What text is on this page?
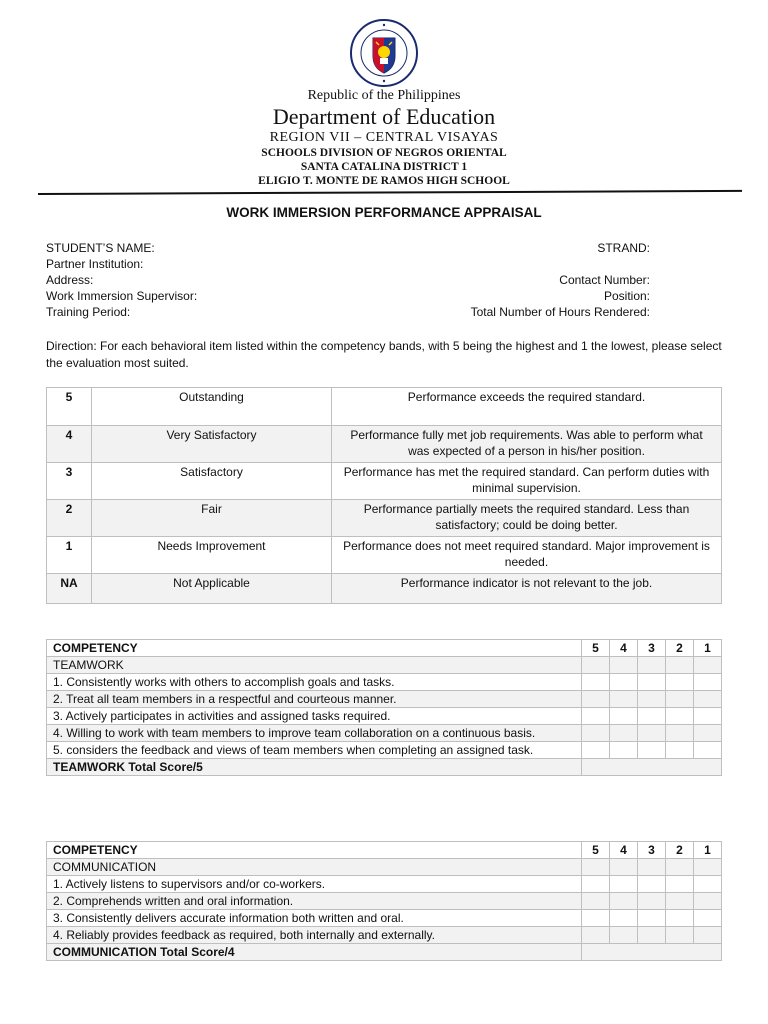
Republic of the Philippines
Department of Education
REGION VII – CENTRAL VISAYAS
SCHOOLS DIVISION OF NEGROS ORIENTAL
SANTA CATALINA DISTRICT 1
ELIGIO T. MONTE DE RAMOS HIGH SCHOOL
WORK IMMERSION PERFORMANCE APPRAISAL
STUDENT’S NAME:
Partner Institution:
Address:
Work Immersion Supervisor:
Training Period:
STRAND:

Contact Number:
Position:
Total Number of Hours Rendered:
Direction: For each behavioral item listed within the competency bands, with 5 being the highest and 1 the lowest, please select the evaluation most suited.
5	Outstanding	Performance exceeds the required standard.
4	Very Satisfactory	Performance fully met job requirements. Was able to perform what was expected of a person in his/her position.
3	Satisfactory	Performance has met the required standard. Can perform duties with minimal supervision.
2	Fair	Performance partially meets the required standard. Less than satisfactory; could be doing better.
1	Needs Improvement	Performance does not meet required standard. Major improvement is needed.
NA	Not Applicable	Performance indicator is not relevant to the job.
COMPETENCY	5	4	3	2	1
TEAMWORK					
1. Consistently works with others to accomplish goals and tasks.					
2. Treat all team members in a respectful and courteous manner.					
3. Actively participates in activities and assigned tasks required.					
4. Willing to work with team members to improve team collaboration on a continuous basis.					
5. considers the feedback and views of team members when completing an assigned task.					
TEAMWORK Total Score/5					
COMPETENCY	5	4	3	2	1
COMMUNICATION					
1. Actively listens to supervisors and/or co-workers.					
2. Comprehends written and oral information.					
3. Consistently delivers accurate information both written and oral.					
4. Reliably provides feedback as required, both internally and externally.					
COMMUNICATION Total Score/4					
